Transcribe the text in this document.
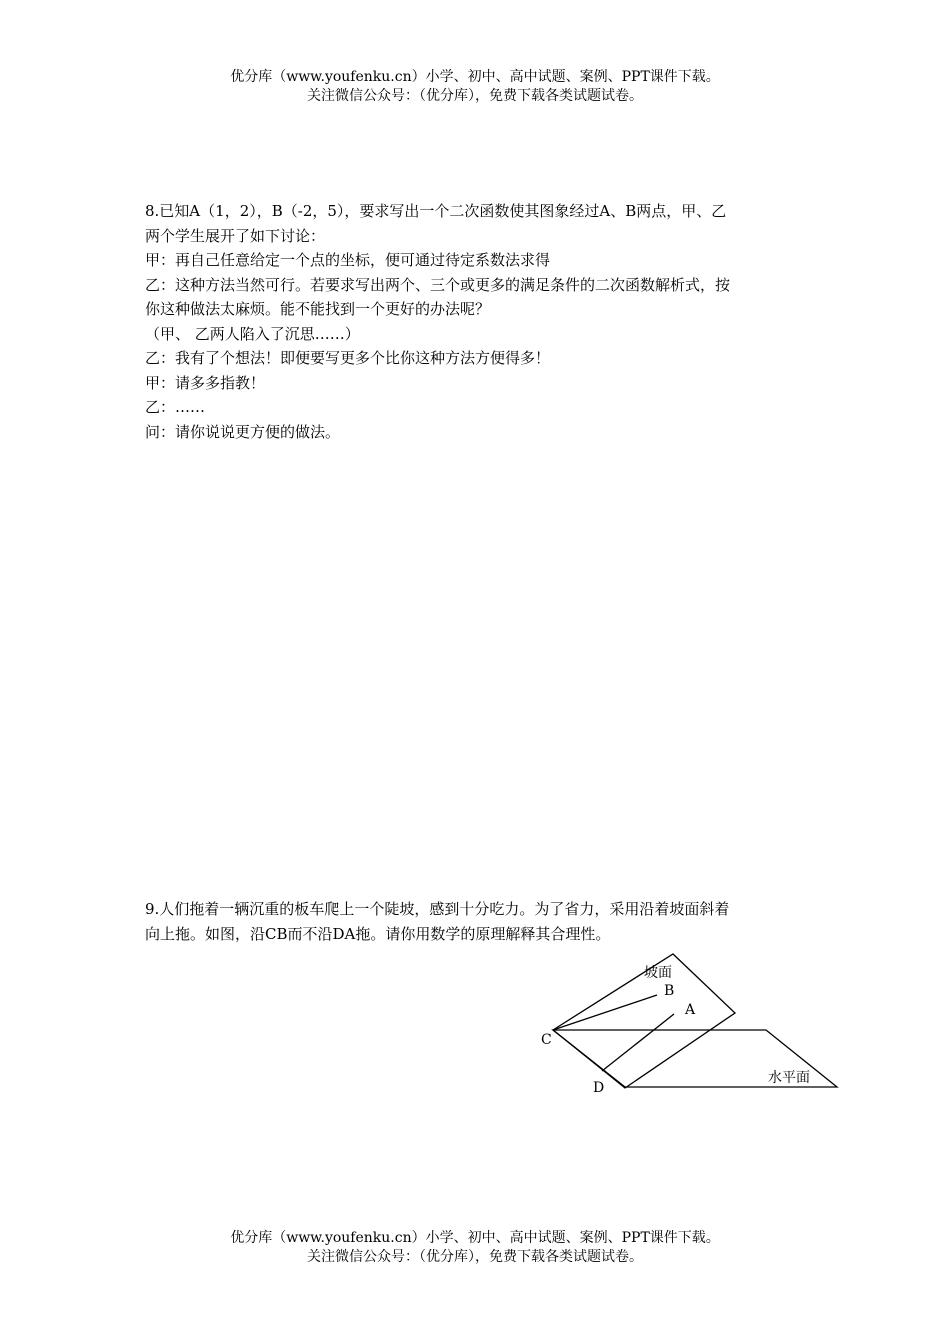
优分库（www.youfenku.cn）小学、初中、高中试题、案例、PPT课件下载。
关注微信公众号：（优分库），免费下载各类试题试卷。

8.已知A（1，2），B（-2，5），要求写出一个二次函数使其图象经过A、B两点，甲、乙

两个学生展开了如下讨论：

甲：再自己任意给定一个点的坐标，便可通过待定系数法求得

乙：这种方法当然可行。若要求写出两个、三个或更多的满足条件的二次函数解析式，按

你这种做法太麻烦。能不能找到一个更好的办法呢？

（甲、 乙两人陷入了沉思……）

乙：我有了个想法！即便要写更多个比你这种方法方便得多！

甲：请多多指教！

乙：……

问：请你说说更方便的做法。

9.人们拖着一辆沉重的板车爬上一个陡坡，感到十分吃力。为了省力，采用沿着坡面斜着

向上拖。如图，沿CB而不沿DA拖。请你用数学的原理解释其合理性。

坡面
B
A
C
D
水平面
优分库（www.youfenku.cn）小学、初中、高中试题、案例、PPT课件下载。
关注微信公众号：（优分库），免费下载各类试题试卷。
